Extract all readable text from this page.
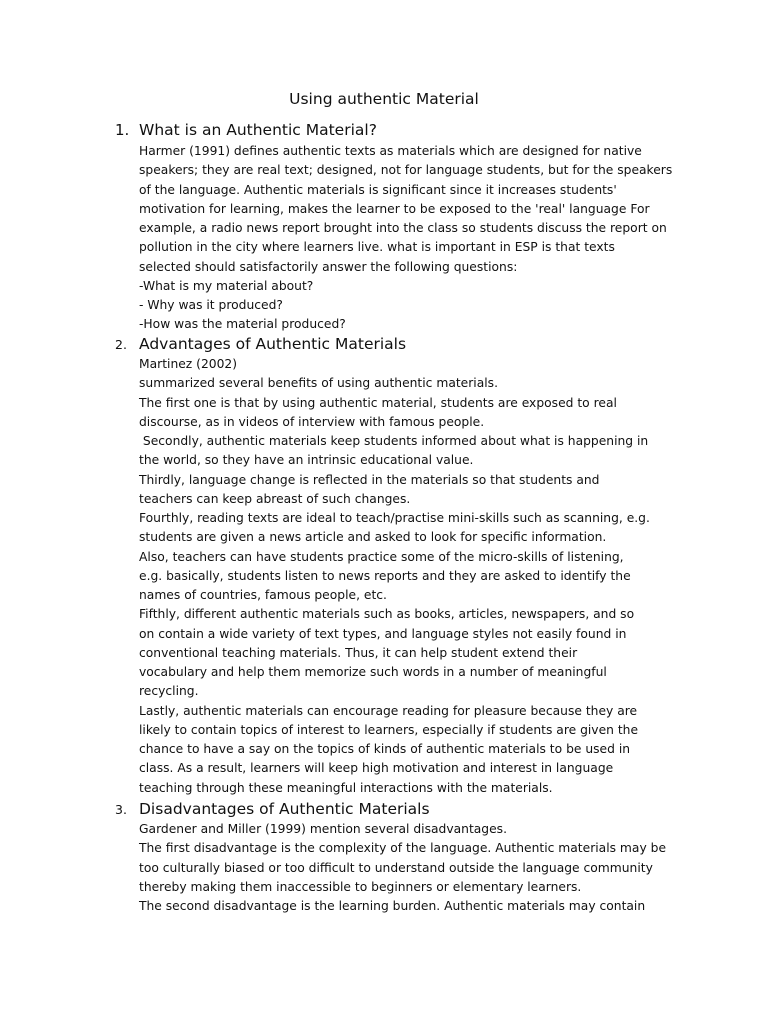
Using authentic Material
1. What is an Authentic Material?
Harmer (1991) defines authentic texts as materials which are designed for native
speakers; they are real text; designed, not for language students, but for the speakers
of the language. Authentic materials is significant since it increases students'
motivation for learning, makes the learner to be exposed to the 'real' language For
example, a radio news report brought into the class so students discuss the report on
pollution in the city where learners live. what is important in ESP is that texts
selected should satisfactorily answer the following questions:
-What is my material about?
- Why was it produced?
-How was the material produced?
2. Advantages of Authentic Materials
Martinez (2002)
summarized several benefits of using authentic materials.
The first one is that by using authentic material, students are exposed to real
discourse, as in videos of interview with famous people.
Secondly, authentic materials keep students informed about what is happening in
the world, so they have an intrinsic educational value.
Thirdly, language change is reflected in the materials so that students and
teachers can keep abreast of such changes.
Fourthly, reading texts are ideal to teach/practise mini-skills such as scanning, e.g.
students are given a news article and asked to look for specific information.
Also, teachers can have students practice some of the micro-skills of listening,
e.g. basically, students listen to news reports and they are asked to identify the
names of countries, famous people, etc.
Fifthly, different authentic materials such as books, articles, newspapers, and so
on contain a wide variety of text types, and language styles not easily found in
conventional teaching materials. Thus, it can help student extend their
vocabulary and help them memorize such words in a number of meaningful
recycling.
Lastly, authentic materials can encourage reading for pleasure because they are
likely to contain topics of interest to learners, especially if students are given the
chance to have a say on the topics of kinds of authentic materials to be used in
class. As a result, learners will keep high motivation and interest in language
teaching through these meaningful interactions with the materials.
3. Disadvantages of Authentic Materials
Gardener and Miller (1999) mention several disadvantages.
The first disadvantage is the complexity of the language. Authentic materials may be
too culturally biased or too difficult to understand outside the language community
thereby making them inaccessible to beginners or elementary learners.
The second disadvantage is the learning burden. Authentic materials may contain
